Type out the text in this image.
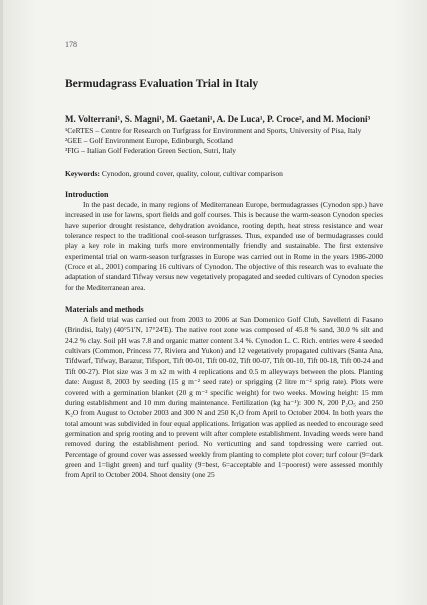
178
Bermudagrass Evaluation Trial in Italy

M. Volterrani¹, S. Magni¹, M. Gaetani¹, A. De Luca¹, P. Croce², and M. Mocioni³

¹CeRTES – Centre for Research on Turfgrass for Environment and Sports, University of Pisa, Italy

²GEE – Golf Environment Europe, Edinburgh, Scotland

³FIG – Italian Golf Federation Green Section, Sutri, Italy

Keywords: Cynodon, ground cover, quality, colour, cultivar comparison

Introduction

In the past decade, in many regions of Mediterranean Europe, bermudagrasses (Cynodon spp.) have increased in use for lawns, sport fields and golf courses. This is because the warm-season Cynodon species have superior drought resistance, dehydration avoidance, rooting depth, heat stress resistance and wear tolerance respect to the traditional cool-season turfgrasses. Thus, expanded use of bermudagrasses could play a key role in making turfs more environmentally friendly and sustainable. The first extensive experimental trial on warm-season turfgrasses in Europe was carried out in Rome in the years 1986-2000 (Croce et al., 2001) comparing 16 cultivars of Cynodon. The objective of this research was to evaluate the adaptation of standard Tifway versus new vegetatively propagated and seeded cultivars of Cynodon species for the Mediterranean area.

Materials and methods

A field trial was carried out from 2003 to 2006 at San Domenico Golf Club, Savelletri di Fasano (Brindisi, Italy) (40°51'N, 17°24'E). The native root zone was composed of 45.8 % sand, 30.0 % silt and 24.2 % clay. Soil pH was 7.8 and organic matter content 3.4 %. Cynodon L. C. Rich. entries were 4 seeded cultivars (Common, Princess 77, Riviera and Yukon) and 12 vegetatively propagated cultivars (Santa Ana, Tifdwarf, Tifway, Barazur, Tifsport, Tift 00-01, Tift 00-02, Tift 00-07, Tift 00-10, Tift 00-18, Tift 00-24 and Tift 00-27). Plot size was 3 m x2 m with 4 replications and 0.5 m alleyways between the plots. Planting date: August 8, 2003 by seeding (15 g m⁻² seed rate) or sprigging (2 litre m⁻² sprig rate). Plots were covered with a germination blanket (20 g m⁻² specific weight) for two weeks. Mowing height: 15 mm during establishment and 10 mm during maintenance. Fertilization (kg ha⁻¹): 300 N, 200 P₂O₅ and 250 K₂O from August to October 2003 and 300 N and 250 K₂O from April to October 2004. In both years the total amount was subdivided in four equal applications. Irrigation was applied as needed to encourage seed germination and sprig rooting and to prevent wilt after complete establishment. Invading weeds were hand removed during the establishment period. No verticutting and sand topdressing were carried out. Percentage of ground cover was assessed weekly from planting to complete plot cover; turf colour (9=dark green and 1=light green) and turf quality (9=best, 6=acceptable and 1=poorest) were assessed monthly from April to October 2004. Shoot density (one 25
